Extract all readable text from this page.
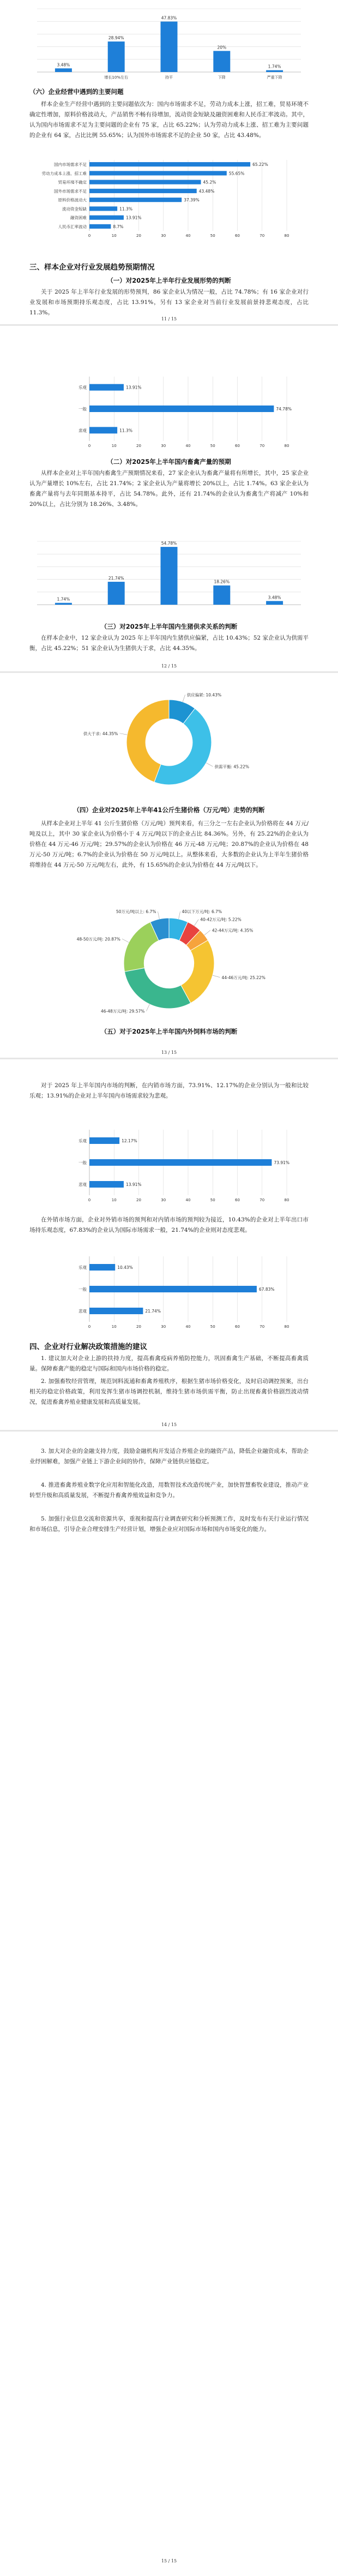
3.48%
28.94%
增长10%左右
47.83%
持平
20%
下降
1.74%
严重下降
（六）企业经营中遇到的主要问题

样本企业生产经营中遇到的主要问题依次为：国内市场需求不足，劳动力成本上涨，招工难，贸易环境不确定性增加，原料价格波动大，产品销售不畅有待增加，流动资金短缺及融资困难和人民币汇率波动。其中，认为国内市场需求不足为主要问题的企业有 75 家，占比 65.22%；认为劳动力成本上涨、招工难为主要问题的企业有 64 家，占比比例 55.65%；认为国外市场需求不足的企业 50 家，占比 43.48%。

0	10	20	30	40	50	60	70	80
国内市场需求不足	65.22%
劳动力成本上涨、招工难	55.65%
贸易环境不确定	45.2%
国外市场需求不足	43.48%
原料价格波动大	37.39%
流动资金短缺	11.3%
融资困难	13.91%
人民币汇率波动	8.7%
三、样本企业对行业发展趋势预期情况
（一）对2025年上半年行业发展形势的判断

关于 2025 年上半年行业发展的形势预判，86 家企业认为情况一般，占比 74.78%；有 16 家企业对行业发展和市场预期持乐观态度，占比 13.91%，另有 13 家企业对当前行业发展前景持悲观态度，占比 11.3%。

11 / 15
0	10	20	30	40	50	60	70	80
乐观	13.91%
一般	74.78%
悲观	11.3%
（二）对2025年上半年国内畜禽产量的预期

从样本企业对上半年国内畜禽生产预期情况来看，27 家企业认为畜禽产量将有所增长，其中，25 家企业认为产量增长 10%左右，占比 21.74%；2 家企业认为产量将增长 20%以上，占比 1.74%。63 家企业认为畜禽产量将与去年同期基本持平，占比 54.78%。此外，还有 21.74%的企业认为畜禽生产将减产 10%和 20%以上，占比分别为 18.26%、3.48%。

1.74%
21.74%
54.78%
18.26%
3.48%
（三）对2025年上半年国内生猪供求关系的判断

在样本企业中，12 家企业认为 2025 年上半年国内生猪供应偏紧，占比 10.43%；52 家企业认为供需平衡，占比 45.22%；51 家企业认为生猪供大于求，占比 44.35%。

12 / 15
供应偏紧: 10.43%
供需平衡: 45.22%
供大于求: 44.35%
（四）企业对2025年上半年41公斤生猪价格（万元/吨）走势的判断

从样本企业对上半年 41 公斤生猪价格（万元/吨）预判来看，有三分之一左右企业认为价格将在 44 万元/吨及以上，其中 30 家企业认为价格小于 4 万元/吨以下的企业占比 84.36%。另外，有 25.22%的企业认为价格在 44 万元-46 万元/吨；29.57%的企业认为价格在 46 万元-48 万元/吨；20.87%的企业认为价格在 48 万元-50 万元/吨；6.7%的企业认为价格在 50 万元/吨以上。从整体来看，大多数的企业认为上半年生猪价格将维持在 44 万元-50 万元/吨左右，此外，有 15.65%的企业认为价格在 44 万元/吨以下。

40以下万元/吨: 6.7%
40-42万元/吨: 5.22%
42-44万元/吨: 4.35%
44-46万元/吨: 25.22%
46-48万元/吨: 29.57%
48-50万元/吨: 20.87%
50万元/吨以上: 6.7%
（五）对于2025年上半年国内外饲料市场的判断
13 / 15

对于 2025 年上半年国内市场的判断，在内销市场方面，73.91%、12.17%的企业分别认为一般和比较乐观；13.91%的企业对上半年国内市场需求较为悲观。

0	10	20	30	40	50	60	70	80
乐观	12.17%
一般	73.91%
悲观	13.91%

在外销市场方面，企业对外销市场的预判和对内销市场的预判较为接近，10.43%的企业对上半年出口市场持乐观态度，67.83%的企业认为国际市场需求一般，21.74%的企业则对态度悲观。

0	10	20	30	40	50	60	70	80
乐观	10.43%
一般	67.83%
悲观	21.74%
四、企业对行业解决政策措施的建议

1. 建议加大对企业上游的扶持力度，提高畜禽疫病养殖防控能力，巩固畜禽生产基础，不断提高畜禽质量。保障畜禽产能的稳定与国际和国内市场价格的稳定。

2. 加强畜牧经营管理，规范饲料流通和畜禽养殖秩序，根据生猪市场价格变化，及时启动调控预案，出台相关的稳定价格政策，利用发挥生猪市场调控机制，维持生猪市场供需平衡，防止出现畜禽价格剧烈波动情况，促进畜禽养殖业健康发展和高质量发展。

14 / 15

3. 加大对企业的金融支持力度，鼓励金融机构开发适合养殖企业的融资产品，降低企业融资成本，帮助企业纾困解难，加强产业链上下游企业间的协作，保障产业链供应链稳定。

4. 推进畜禽养殖业数字化应用和智能化改造，用数智技术改造传统产业，加快智慧畜牧业建设，推动产业转型升级和高质量发展，不断提升畜禽养殖效益和竞争力。

5. 加强行业信息交流和资源共享，重视和提高行业调查研究和分析预测工作，及时发布有关行业运行情况和市场信息，引导企业合理安排生产经营计划，增强企业应对国际市场和国内市场变化的能力。

15 / 15
